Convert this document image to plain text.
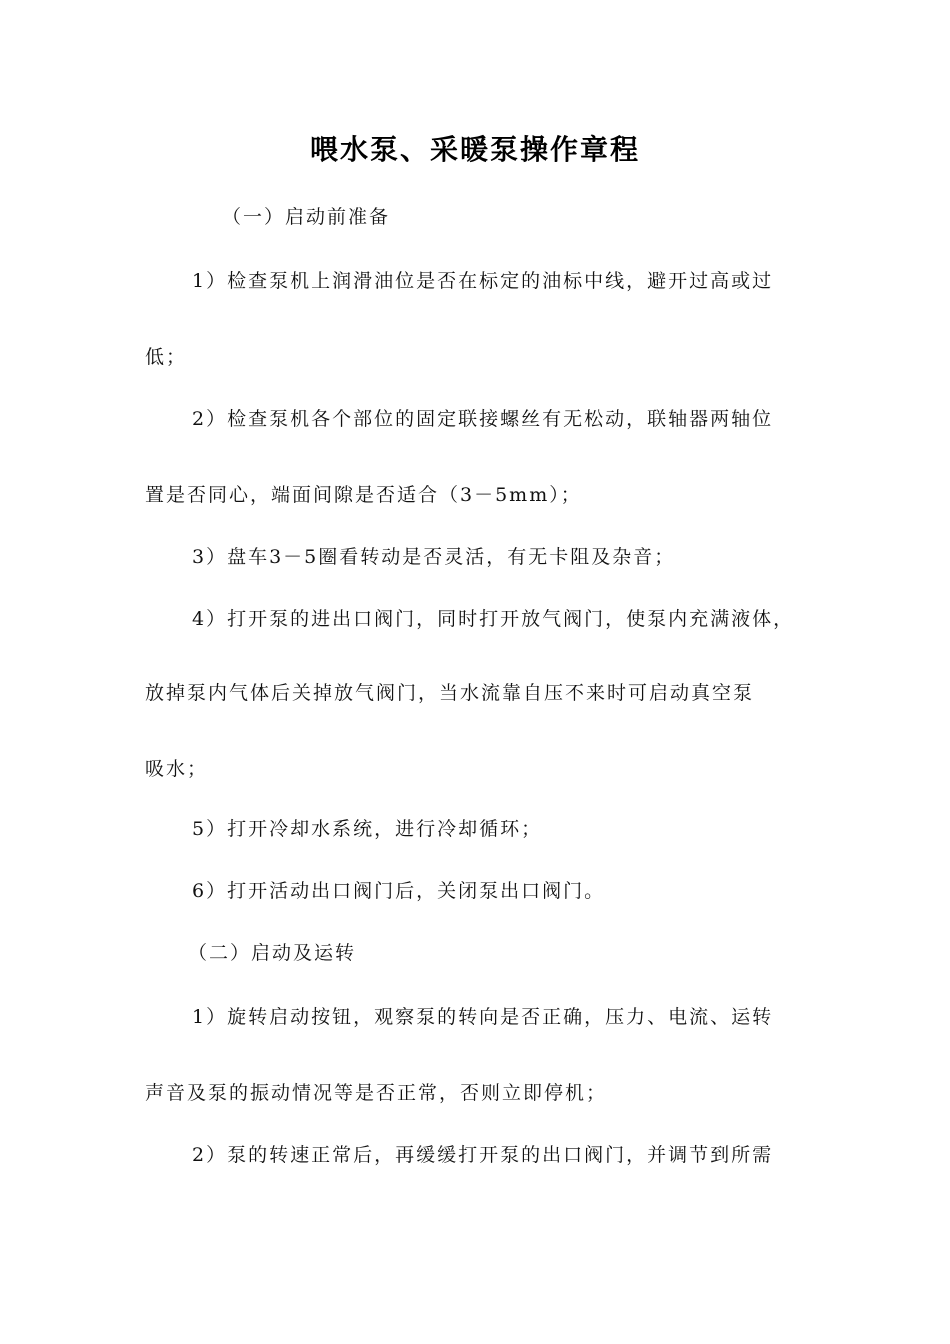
喂水泵、采暖泵操作章程
（一）启动前准备
1）检查泵机上润滑油位是否在标定的油标中线，避开过高或过
低；
2）检查泵机各个部位的固定联接螺丝有无松动，联轴器两轴位
置是否同心，端面间隙是否适合（3－5mm）；
3）盘车3－5圈看转动是否灵活，有无卡阻及杂音；
4）打开泵的进出口阀门，同时打开放气阀门，使泵内充满液体，
放掉泵内气体后关掉放气阀门，当水流靠自压不来时可启动真空泵
吸水；
5）打开冷却水系统，进行冷却循环；
6）打开活动出口阀门后，关闭泵出口阀门。
（二）启动及运转
1）旋转启动按钮，观察泵的转向是否正确，压力、电流、运转
声音及泵的振动情况等是否正常，否则立即停机；
2）泵的转速正常后，再缓缓打开泵的出口阀门，并调节到所需
